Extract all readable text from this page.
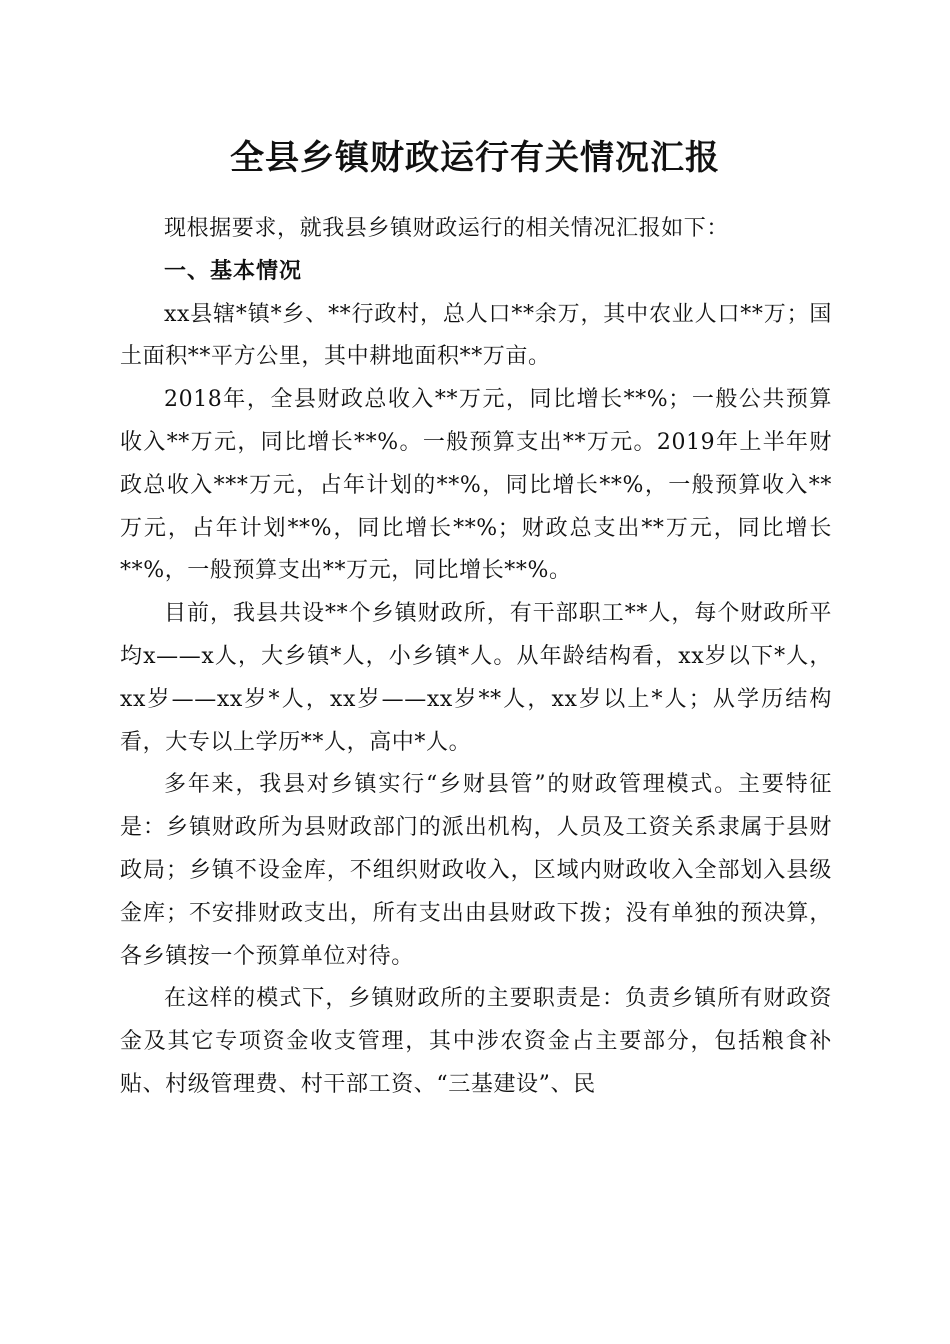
全县乡镇财政运行有关情况汇报

现根据要求，就我县乡镇财政运行的相关情况汇报如下：

一、基本情况

xx县辖*镇*乡、**行政村，总人口**余万，其中农业人口**万；国土面积**平方公里，其中耕地面积**万亩。

2018年，全县财政总收入**万元，同比增长**%；一般公共预算收入**万元，同比增长**%。一般预算支出**万元。2019年上半年财政总收入***万元，占年计划的**%，同比增长**%，一般预算收入**万元，占年计划**%，同比增长**%；财政总支出**万元，同比增长**%，一般预算支出**万元，同比增长**%。

目前，我县共设**个乡镇财政所，有干部职工**人，每个财政所平均x——x人，大乡镇*人，小乡镇*人。从年龄结构看，xx岁以下*人，xx岁——xx岁*人，xx岁——xx岁**人，xx岁以上*人；从学历结构看，大专以上学历**人，高中*人。

多年来，我县对乡镇实行“乡财县管”的财政管理模式。主要特征是：乡镇财政所为县财政部门的派出机构，人员及工资关系隶属于县财政局；乡镇不设金库，不组织财政收入，区域内财政收入全部划入县级金库；不安排财政支出，所有支出由县财政下拨；没有单独的预决算，各乡镇按一个预算单位对待。

在这样的模式下，乡镇财政所的主要职责是：负责乡镇所有财政资金及其它专项资金收支管理，其中涉农资金占主要部分，包括粮食补贴、村级管理费、村干部工资、“三基建设”、民
